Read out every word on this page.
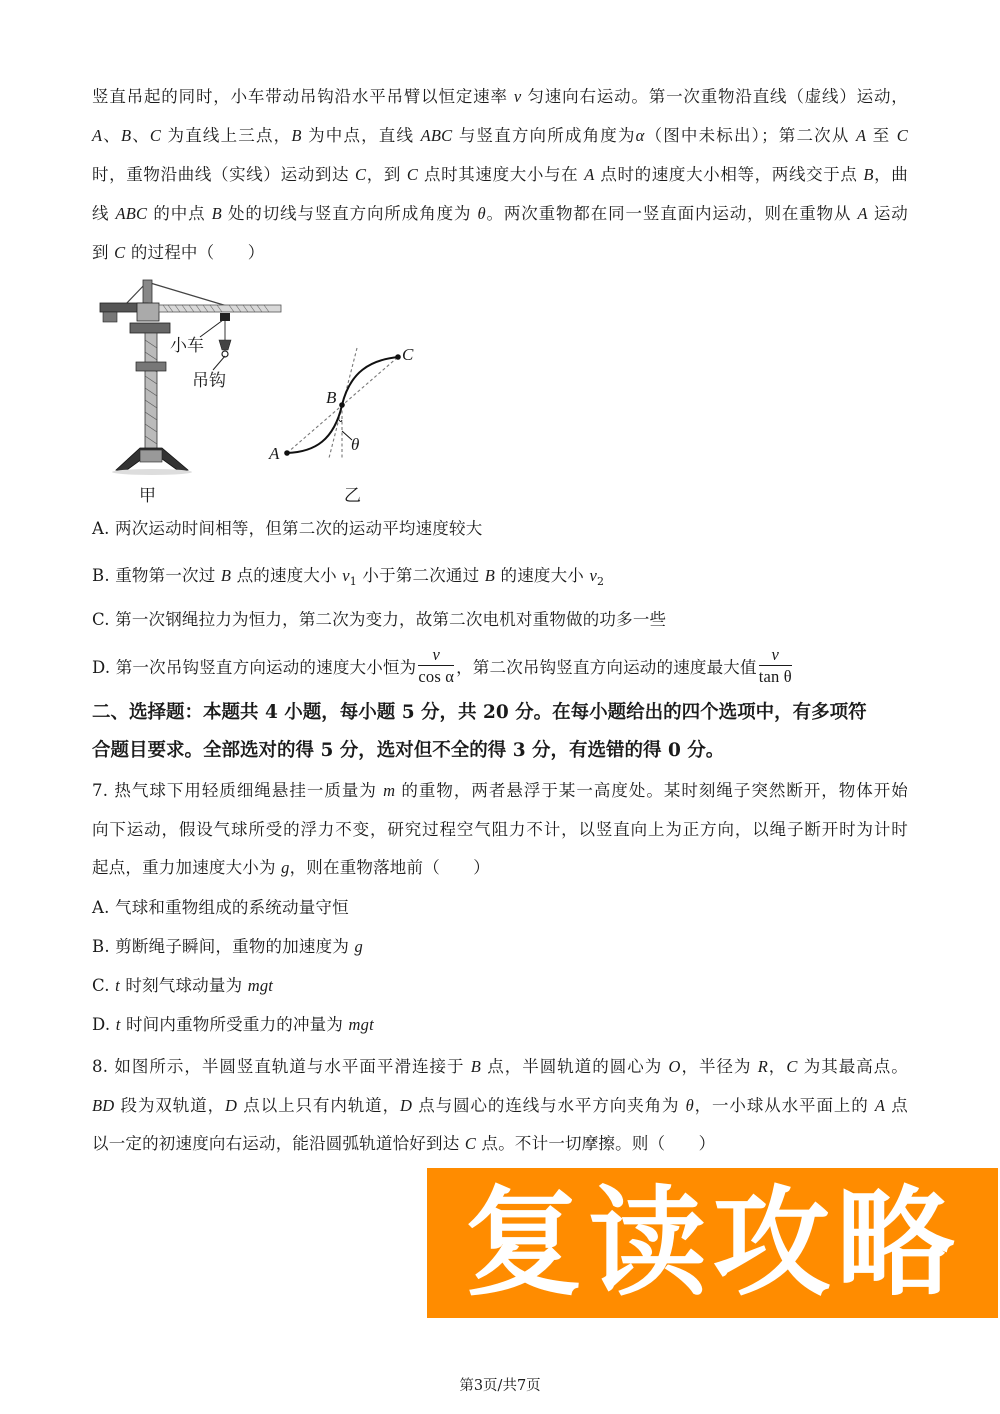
竖直吊起的同时，小车带动吊钩沿水平吊臂以恒定速率 v 匀速向右运动。第一次重物沿直线（虚线）运动，
A、B、C 为直线上三点，B 为中点，直线 ABC 与竖直方向所成角度为α（图中未标出）；第二次从 A 至 C
时，重物沿曲线（实线）运动到达 C，到 C 点时其速度大小与在 A 点时的速度大小相等，两线交于点 B，曲
线 ABC 的中点 B 处的切线与竖直方向所成角度为 θ。两次重物都在同一竖直面内运动，则在重物从 A 运动
到 C 的过程中（　　）
小车
吊钩
甲
A
B
C
θ
乙
A. 两次运动时间相等，但第二次的运动平均速度较大
B. 重物第一次过 B 点的速度大小 $v_1$ 小于第二次通过 B 的速度大小 $v_2$
C. 第一次钢绳拉力为恒力，第二次为变力，故第二次电机对重物做的功多一些
D. 第一次吊钩竖直方向运动的速度大小恒为 $\frac{v}{\text{cos α}}$ ，第二次吊钩竖直方向运动的速度最大值 $\frac{v}{\text{tan θ}}$
二、选择题：本题共 4 小题，每小题 5 分，共 20 分。在每小题给出的四个选项中，有多项符
合题目要求。全部选对的得 5 分，选对但不全的得 3 分，有选错的得 0 分。
7. 热气球下用轻质细绳悬挂一质量为 m 的重物，两者悬浮于某一高度处。某时刻绳子突然断开，物体开始
向下运动，假设气球所受的浮力不变，研究过程空气阻力不计，以竖直向上为正方向，以绳子断开时为计时
起点，重力加速度大小为 g，则在重物落地前（　　）
A. 气球和重物组成的系统动量守恒
B. 剪断绳子瞬间，重物的加速度为 g
C. t 时刻气球动量为 mgt
D. t 时间内重物所受重力的冲量为 mgt
8. 如图所示，半圆竖直轨道与水平面平滑连接于 B 点，半圆轨道的圆心为 O，半径为 R，C 为其最高点。
BD 段为双轨道，D 点以上只有内轨道，D 点与圆心的连线与水平方向夹角为 θ，一小球从水平面上的 A 点
以一定的初速度向右运动，能沿圆弧轨道恰好到达 C 点。不计一切摩擦。则（　　）
复读攻略
第3页/共7页
